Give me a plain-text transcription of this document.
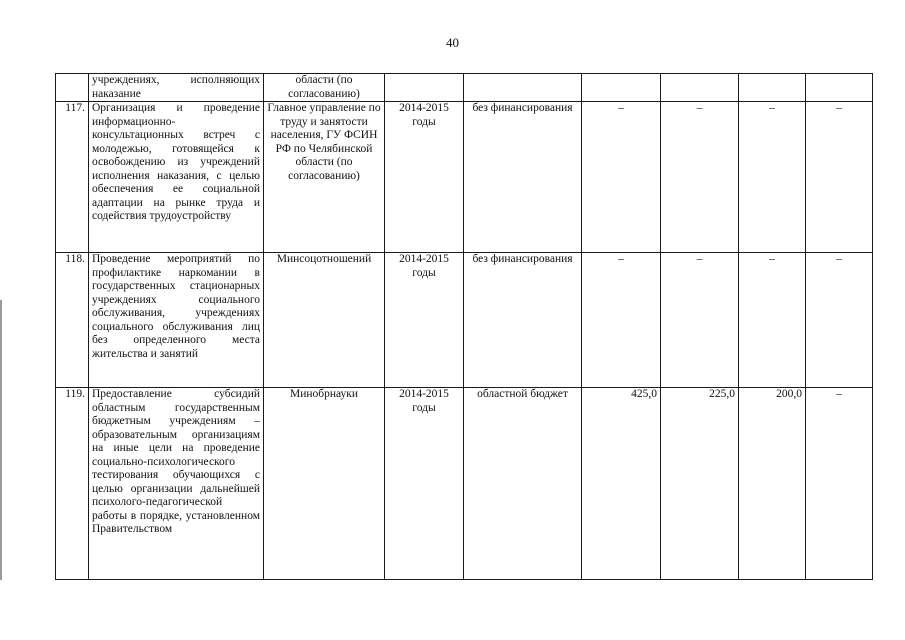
40
	учреждениях, исполняющих наказание	области (по согласованию)						
117.	Организация и проведение информационно-консультационных встреч с молодежью, готовящейся к освобождению из учреждений исполнения наказания, с целью обеспечения ее социальной адаптации на рынке труда и содействия трудоустройству	Главное управление по труду и занятости населения, ГУ ФСИН РФ по Челябинской области (по согласованию)	2014-2015 годы	без финансирования	–	–	–	–
118.	Проведение мероприятий по профилактике наркомании в государственных стационарных учреждениях социального обслуживания, учреждениях социального обслуживания лиц без определенного места жительства и занятий	Минсоцотношений	2014-2015 годы	без финансирования	–	–	–	–
119.	Предоставление субсидий областным государственным бюджетным учреждениям – образовательным организациям на иные цели на проведение социально-психологического тестирования обучающихся с целью организации дальнейшей психолого-педагогической работы в порядке, установленном Правительством	Минобрнауки	2014-2015 годы	областной бюджет	425,0	225,0	200,0	–
